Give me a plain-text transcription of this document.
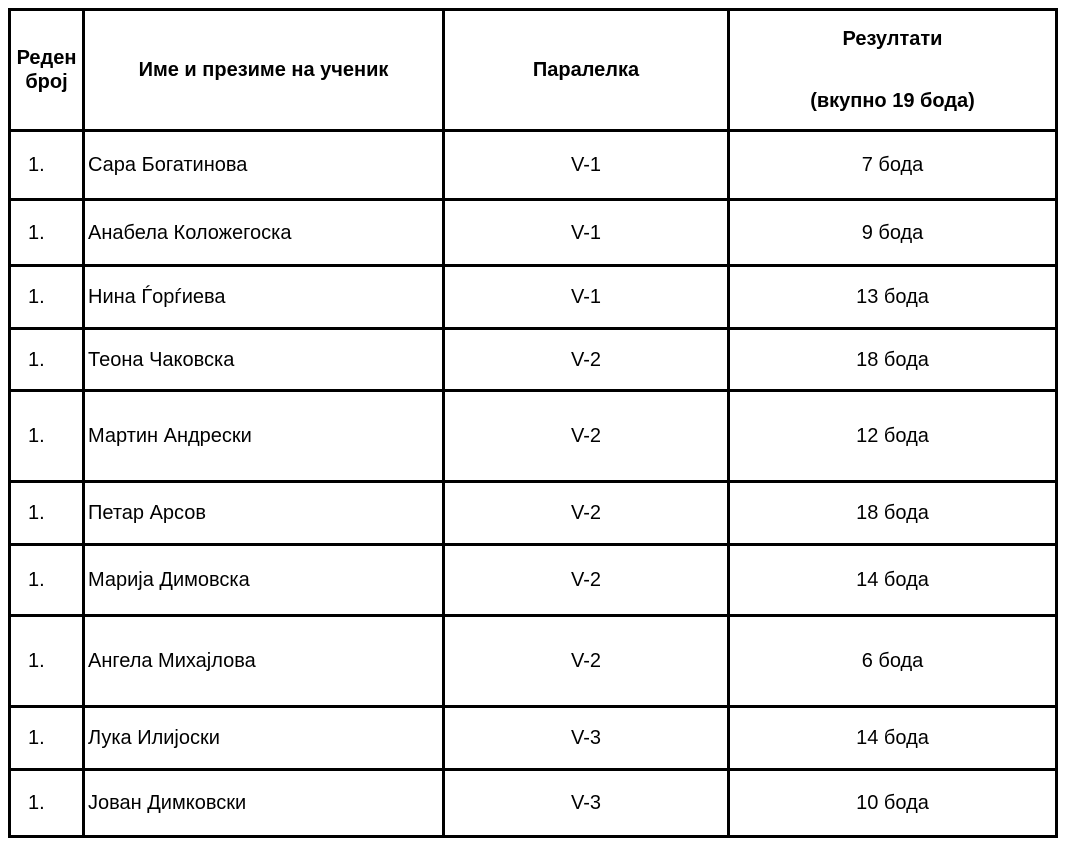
Реден број	Име и презиме на ученик	Паралелка	Резултати
(вкупно 19 бода)

1.	Сара Богатинова	V-1	7 бода
1.	Анабела Коложегоска	V-1	9 бода
1.	Нина Ѓорѓиева	V-1	13 бода
1.	Теона Чаковска	V-2	18 бода
1.	Мартин Андрески	V-2	12 бода
1.	Петар Арсов	V-2	18 бода
1.	Марија Димовска	V-2	14 бода
1.	Ангела Михајлова	V-2	6 бода
1.	Лука Илијоски	V-3	14 бода
1.	Јован Димковски	V-3	10 бода
